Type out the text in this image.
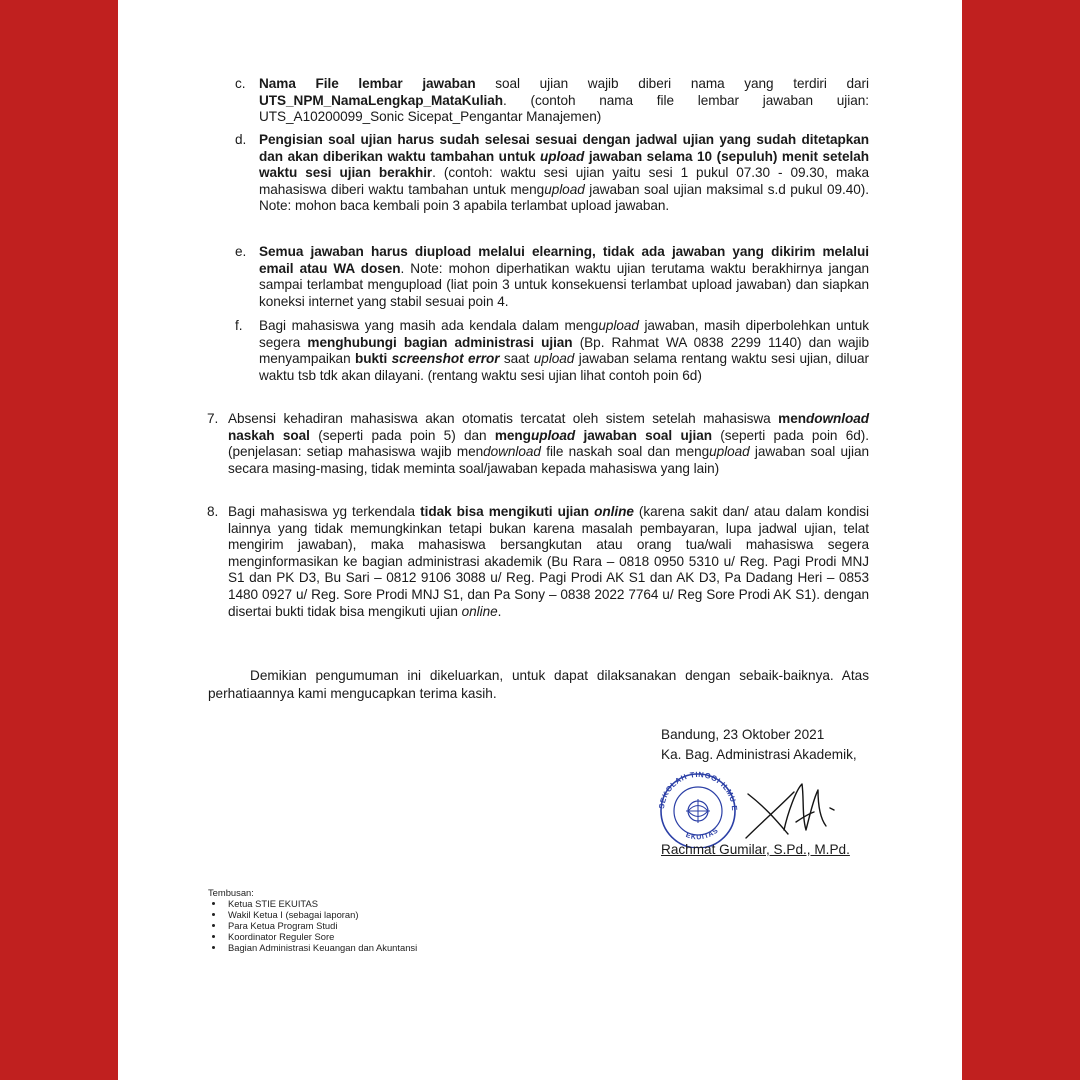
c. Nama File lembar jawaban soal ujian wajib diberi nama yang terdiri dari UTS_NPM_NamaLengkap_MataKuliah. (contoh nama file lembar jawaban ujian: UTS_A10200099_Sonic Sicepat_Pengantar Manajemen)
d. Pengisian soal ujian harus sudah selesai sesuai dengan jadwal ujian yang sudah ditetapkan dan akan diberikan waktu tambahan untuk upload jawaban selama 10 (sepuluh) menit setelah waktu sesi ujian berakhir. (contoh: waktu sesi ujian yaitu sesi 1 pukul 07.30 - 09.30, maka mahasiswa diberi waktu tambahan untuk mengupload jawaban soal ujian maksimal s.d pukul 09.40). Note: mohon baca kembali poin 3 apabila terlambat upload jawaban.
e. Semua jawaban harus diupload melalui elearning, tidak ada jawaban yang dikirim melalui email atau WA dosen. Note: mohon diperhatikan waktu ujian terutama waktu berakhirnya jangan sampai terlambat mengupload (liat poin 3 untuk konsekuensi terlambat upload jawaban) dan siapkan koneksi internet yang stabil sesuai poin 4.
f. Bagi mahasiswa yang masih ada kendala dalam mengupload jawaban, masih diperbolehkan untuk segera menghubungi bagian administrasi ujian (Bp. Rahmat WA 0838 2299 1140) dan wajib menyampaikan bukti screenshot error saat upload jawaban selama rentang waktu sesi ujian, diluar waktu tsb tdk akan dilayani. (rentang waktu sesi ujian lihat contoh poin 6d)
7. Absensi kehadiran mahasiswa akan otomatis tercatat oleh sistem setelah mahasiswa mendownload naskah soal (seperti pada poin 5) dan mengupload jawaban soal ujian (seperti pada poin 6d). (penjelasan: setiap mahasiswa wajib mendownload file naskah soal dan mengupload jawaban soal ujian secara masing-masing, tidak meminta soal/jawaban kepada mahasiswa yang lain)
8. Bagi mahasiswa yg terkendala tidak bisa mengikuti ujian online (karena sakit dan/ atau dalam kondisi lainnya yang tidak memungkinkan tetapi bukan karena masalah pembayaran, lupa jadwal ujian, telat mengirim jawaban), maka mahasiswa bersangkutan atau orang tua/wali mahasiswa segera menginformasikan ke bagian administrasi akademik (Bu Rara – 0818 0950 5310 u/ Reg. Pagi Prodi MNJ S1 dan PK D3, Bu Sari – 0812 9106 3088 u/ Reg. Pagi Prodi AK S1 dan AK D3, Pa Dadang Heri – 0853 1480 0927 u/ Reg. Sore Prodi MNJ S1, dan Pa Sony – 0838 2022 7764 u/ Reg Sore Prodi AK S1). dengan disertai bukti tidak bisa mengikuti ujian online.
Demikian pengumuman ini dikeluarkan, untuk dapat dilaksanakan dengan sebaik-baiknya. Atas perhatiaannya kami mengucapkan terima kasih.
Bandung, 23 Oktober 2021
Ka. Bag. Administrasi Akademik,
SEKOLAH TINGGI ILMU E
EKUITAS
Rachmat Gumilar, S.Pd., M.Pd.
Tembusan:
Ketua STIE EKUITAS
Wakil Ketua I (sebagai laporan)
Para Ketua Program Studi
Koordinator Reguler Sore
Bagian Administrasi Keuangan dan Akuntansi
